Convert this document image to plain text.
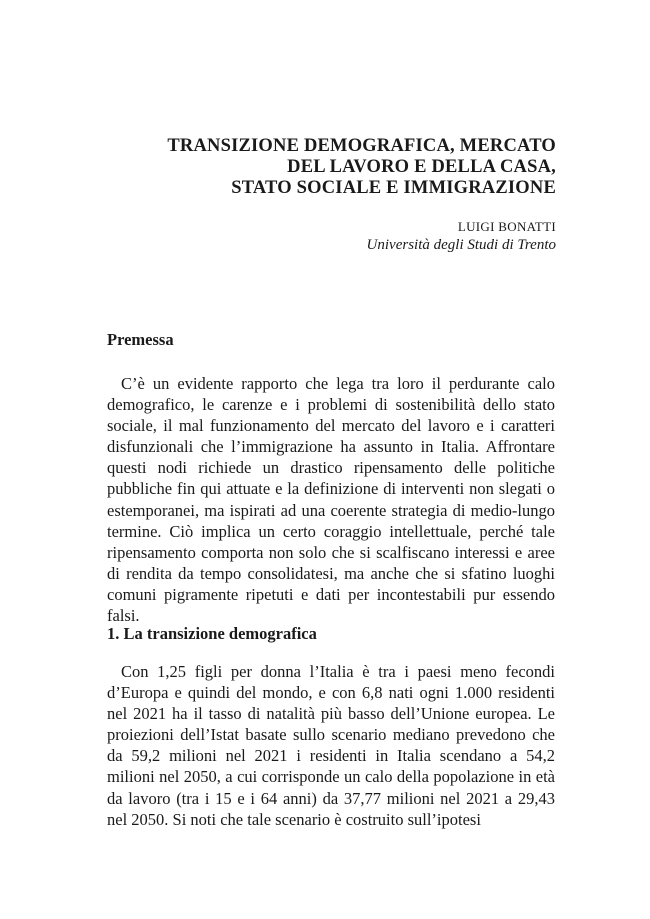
TRANSIZIONE DEMOGRAFICA, MERCATO
DEL LAVORO E DELLA CASA,
STATO SOCIALE E IMMIGRAZIONE
LUIGI BONATTI
Università degli Studi di Trento
Premessa

C’è un evidente rapporto che lega tra loro il perdurante calo demografico, le carenze e i problemi di sostenibilità dello stato sociale, il mal funzionamento del mercato del lavoro e i caratteri disfunzionali che l’immigrazione ha assunto in Italia. Affrontare questi nodi richiede un drastico ripensamento delle politiche pubbliche fin qui attuate e la definizione di interventi non slegati o estemporanei, ma ispirati ad una coerente strategia di medio-lungo termine. Ciò implica un certo coraggio intellettuale, perché tale ripensamento comporta non solo che si scalfiscano interessi e aree di rendita da tempo consolidatesi, ma anche che si sfatino luoghi comuni pigramente ripetuti e dati per incontestabili pur essendo falsi.

1. La transizione demografica

Con 1,25 figli per donna l’Italia è tra i paesi meno fecondi d’Europa e quindi del mondo, e con 6,8 nati ogni 1.000 residenti nel 2021 ha il tasso di natalità più basso dell’Unione europea. Le proiezioni dell’Istat basate sullo scenario mediano prevedono che da 59,2 milioni nel 2021 i residenti in Italia scendano a 54,2 milioni nel 2050, a cui corrisponde un calo della popolazione in età da lavoro (tra i 15 e i 64 anni) da 37,77 milioni nel 2021 a 29,43 nel 2050. Si noti che tale scenario è costruito sull’ipotesi
